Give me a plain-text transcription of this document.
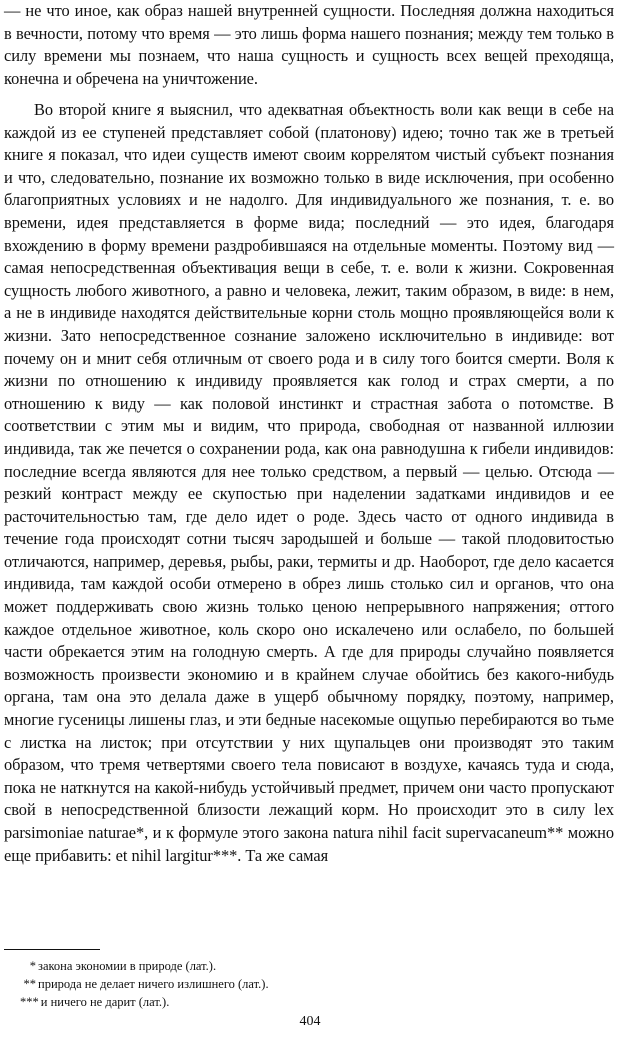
— не что иное, как образ нашей внутренней сущности. Последняя должна находиться в вечности, потому что время — это лишь форма нашего познания; между тем только в силу времени мы познаем, что наша сущность и сущность всех вещей преходяща, конечна и обречена на уничтожение.

Во второй книге я выяснил, что адекватная объектность воли как вещи в себе на каждой из ее ступеней представляет собой (платонову) идею; точно так же в третьей книге я показал, что идеи существ имеют своим коррелятом чистый субъект познания и что, следовательно, познание их возможно только в виде исключения, при особенно благоприятных условиях и не надолго. Для индивидуального же познания, т. е. во времени, идея представляется в форме вида; последний — это идея, благодаря вхождению в форму времени раздробившаяся на отдельные моменты. Поэтому вид — самая непосредственная объективация вещи в себе, т. е. воли к жизни. Сокровенная сущность любого животного, а равно и человека, лежит, таким образом, в виде: в нем, а не в индивиде находятся действительные корни столь мощно проявляющейся воли к жизни. Зато непосредственное сознание заложено исключительно в индивиде: вот почему он и мнит себя отличным от своего рода и в силу того боится смерти. Воля к жизни по отношению к индивиду проявляется как голод и страх смерти, а по отношению к виду — как половой инстинкт и страстная забота о потомстве. В соответствии с этим мы и видим, что природа, свободная от названной иллюзии индивида, так же печется о сохранении рода, как она равнодушна к гибели индивидов: последние всегда являются для нее только средством, а первый — целью. Отсюда — резкий контраст между ее скупостью при наделении задатками индивидов и ее расточительностью там, где дело идет о роде. Здесь часто от одного индивида в течение года происходят сотни тысяч зародышей и больше — такой плодовитостью отличаются, например, деревья, рыбы, раки, термиты и др. Наоборот, где дело касается индивида, там каждой особи отмерено в обрез лишь столько сил и органов, что она может поддерживать свою жизнь только ценою непрерывного напряжения; оттого каждое отдельное животное, коль скоро оно искалечено или ослабело, по большей части обрекается этим на голодную смерть. А где для природы случайно появляется возможность произвести экономию и в крайнем случае обойтись без какого-нибудь органа, там она это делала даже в ущерб обычному порядку, поэтому, например, многие гусеницы лишены глаз, и эти бедные насекомые ощупью перебираются во тьме с листка на листок; при отсутствии у них щупальцев они производят это таким образом, что тремя четвертями своего тела повисают в воздухе, качаясь туда и сюда, пока не наткнутся на какой-нибудь устойчивый предмет, причем они часто пропускают свой в непосредственной близости лежащий корм. Но происходит это в силу lex parsimoniae naturae*, и к формуле этого закона natura nihil facit supervacaneum** можно еще прибавить: et nihil largitur***. Та же самая

* закона экономии в природе (лат.).
** природа не делает ничего излишнего (лат.).
*** и ничего не дарит (лат.).
404
